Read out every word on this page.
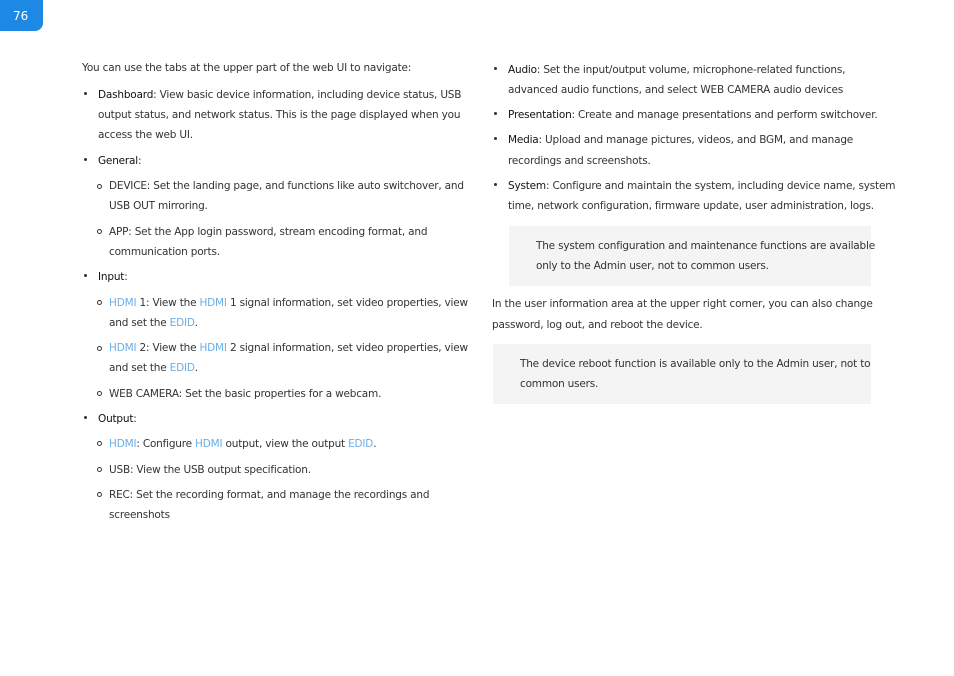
76

You can use the tabs at the upper part of the web UI to navigate:

Dashboard: View basic device information, including device status, USB

output status, and network status. This is the page displayed when you

access the web UI.

General:

DEVICE: Set the landing page, and functions like auto switchover, and

USB OUT mirroring.

APP: Set the App login password, stream encoding format, and

communication ports.

Input:

HDMI 1: View the HDMI 1 signal information, set video properties, view

and set the EDID.

HDMI 2: View the HDMI 2 signal information, set video properties, view

and set the EDID.

WEB CAMERA: Set the basic properties for a webcam.

Output:

HDMI: Configure HDMI output, view the output EDID.

USB: View the USB output specification.

REC: Set the recording format, and manage the recordings and

screenshots

Audio: Set the input/output volume, microphone-related functions,

advanced audio functions, and select WEB CAMERA audio devices

Presentation: Create and manage presentations and perform switchover.

Media: Upload and manage pictures, videos, and BGM, and manage

recordings and screenshots.

System: Configure and maintain the system, including device name, system

time, network configuration, firmware update, user administration, logs.

The system configuration and maintenance functions are available

only to the Admin user, not to common users.

In the user information area at the upper right corner, you can also change

password, log out, and reboot the device.

The device reboot function is available only to the Admin user, not to

common users.
